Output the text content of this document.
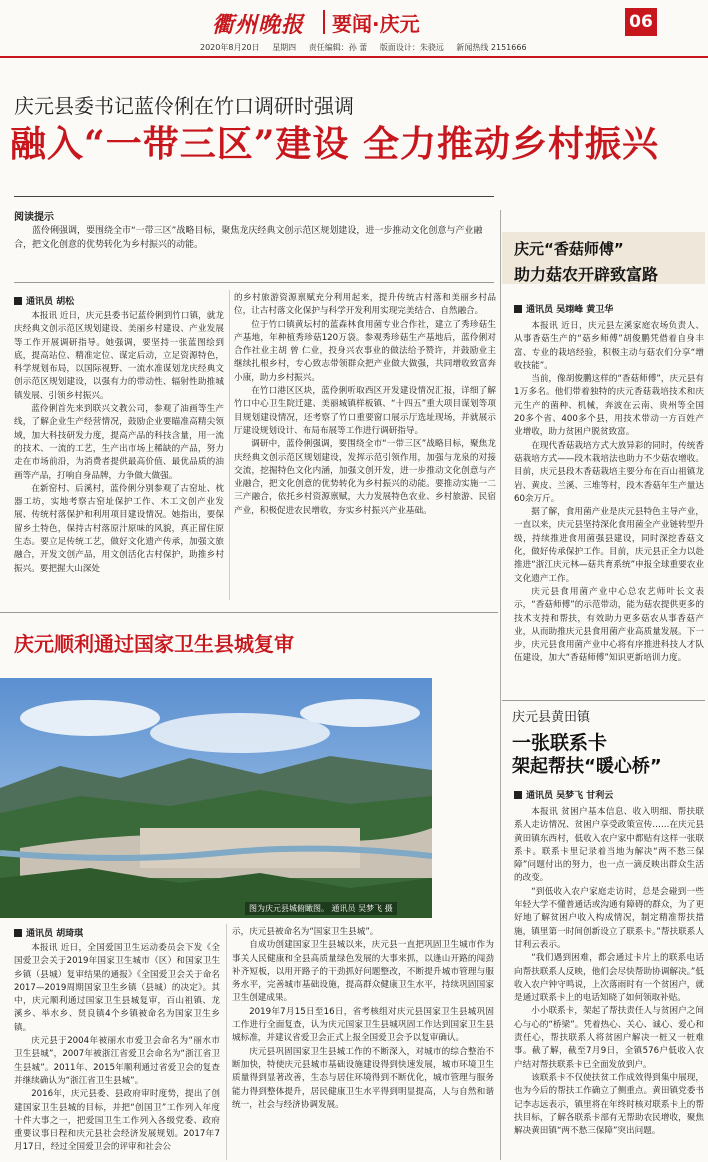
衢州晚报 要闻·庆元	06
2020年8月20日 星期四 责任编辑：孙 蕾 版面设计：朱骁远 新闻热线 2151666
庆元县委书记蓝伶俐在竹口调研时强调
融入“一带三区”建设 全力推动乡村振兴
阅读提示
蓝伶俐强调，要围绕全市“一带三区”战略目标，聚焦龙庆经典文创示范区规划建设，进一步推动文化创意与产业融合，把文化创意的优势转化为乡村振兴的动能。
通讯员 胡松

本报讯 近日，庆元县委书记蓝伶俐到竹口镇，就龙庆经典文创示范区规划建设、美丽乡村建设、产业发展等工作开展调研指导。她强调，要坚持一张蓝图绘到底，提高站位、精准定位、谋定后动，立足资源特色，科学规划布局，以国际视野、一流水准谋划龙庆经典文创示范区规划建设，以强有力的带动性、辐射性助推城镇发展、引领乡村振兴。

蓝伶俐首先来到联兴文教公司，参观了油画等生产线，了解企业生产经营情况，鼓励企业要瞄准高精尖领域，加大科技研发力度，提高产品的科技含量，用一流的技术、一流的工艺，生产出市场上稀缺的产品，努力走在市场前沿，为消费者提供最高价值、最优品质的油画等产品，打响自身品牌，力争做大做强。

在新窑村、后溪村，蓝伶俐分别参观了古窑址、枕器工坊，实地考察古窑址保护工作、木工文创产业发展、传统村落保护和利用项目建设情况。她指出，要保留乡土特色，保持古村落原汁原味的风貌，真正留住原生态。要立足传统工艺，做好文化遗产传承，加强文旅融合，开发文创产品，用文创活化古村保护，助推乡村振兴。要把握大山深处

的乡村旅游资源禀赋充分利用起来，提升传统古村落和美丽乡村品位，让古村落文化保护与科学开发利用实现完美结合、自然融合。

位于竹口镇黄坛村的蓝森林食用菌专业合作社，建立了秀珍菇生产基地，年种植秀珍菇120万袋。参观秀珍菇生产基地后，蓝伶俐对合作社业主胡 曾 仁业，投身兴农事业的做法给予赞许，并鼓励业主继续扎根乡村，专心致志带领群众把产业做大做强，共同增收致富奔小康，助力乡村振兴。

在竹口港区区块，蓝伶俐听取西区开发建设情况汇报，详细了解竹口中心卫生院迁建、美丽城镇样板镇、“十四五”重大项目谋划等项目规划建设情况，还考察了竹口重要窗口展示厅选址现场，并就展示厅建设规划设计、布局布展等工作进行调研指导。

调研中，蓝伶俐强调，要围绕全市“一带三区”战略目标，聚焦龙庆经典文创示范区规划建设，发挥示范引领作用，加强与龙泉的对接交流，挖掘特色文化内涵，加强文创开发，进一步推动文化创意与产业融合，把文化创意的优势转化为乡村振兴的动能。要推动实施一二三产融合，依托乡村资源禀赋，大力发展特色农业、乡村旅游、民宿产业，积极促进农民增收，夯实乡村振兴产业基础。

庆元“香菇师傅”
助力菇农开辟致富路
通讯员 吴翊峰 黄卫华

本报讯 近日，庆元县左溪家庭农场负责人、从事香菇生产的“菇乡师傅”胡俊鹏凭借着自身丰富、专业的栽培经验，积极主动与菇农们分享“增收技能”。

当前，像胡俊鹏这样的“香菇师傅”，庆元县有1万多名。他们带着独特的庆元香菇栽培技术和庆元生产的菌种、机械，奔波在云南、贵州等全国20多个省、400多个县，用技术带动一方百姓产业增收，助力贫困户脱贫致富。

在现代香菇栽培方式大放异彩的同时，传统香菇栽培方式——段木栽培法也助力不少菇农增收。目前，庆元县段木香菇栽培主要分布在百山祖镇龙岩、黄皮、兰溪、三堆等村，段木香菇年生产量达60余万斤。

据了解，食用菌产业是庆元县特色主导产业，一直以来，庆元县坚持深化食用菌全产业链转型升级，持续推进食用菌强县建设，同时深挖香菇文化，做好传承保护工作。目前，庆元县正全力以赴推进“浙江庆元林—菇共育系统”申报全球重要农业文化遗产工作。

庆元县食用菌产业中心总农艺师叶长文表示，“香菇师傅”的示范带动，能为菇农提供更多的技术支持和帮扶，有效助力更多菇农从事香菇产业，从而助推庆元县食用菌产业高质量发展。下一步，庆元县食用菌产业中心将有序推进科技人才队伍建设，加大“香菇师傅”知识更新培训力度。

庆元顺利通过国家卫生县城复审
图为庆元县城俯瞰图。 通讯员 吴梦飞 摄
通讯员 胡琦琪

本报讯 近日，全国爱国卫生运动委员会下发《全国爱卫会关于2019年国家卫生城市（区）和国家卫生乡镇（县城）复审结果的通报》《全国爱卫会关于命名2017—2019周期国家卫生乡镇（县城）的决定》。其中，庆元顺利通过国家卫生县城复审，百山祖镇、龙溪乡、举水乡、贤良镇4个乡镇被命名为国家卫生乡镇。

庆元县于2004年被丽水市爱卫会命名为“丽水市卫生县城”，2007年被浙江省爱卫会命名为“浙江省卫生县城”。2011年、2015年顺利通过省爱卫会的复查并继续确认为“浙江省卫生县城”。

2016年，庆元县委、县政府审时度势，提出了创建国家卫生县城的目标，并把“创国卫”工作列入年度十件大事之一，把爱国卫生工作列入各级党委、政府重要议事日程和庆元县社会经济发展规划。2017年7月17日，经过全国爱卫会的评审和社会公

示，庆元县被命名为“国家卫生县城”。

自成功创建国家卫生县城以来，庆元县一直把巩固卫生城市作为事关人民健康和全县高质量绿色发展的大事来抓，以逢山开路的闯劲补齐短板，以用开路子的干劲抓好问题整改，不断提升城市管理与服务水平，完善城市基础设施，提高群众健康卫生水平，持续巩固国家卫生创建成果。

2019年7月15日至16日，省考核组对庆元县国家卫生县城巩固工作进行全面复查，认为庆元国家卫生县城巩固工作达到国家卫生县城标准，并建议省爱卫会正式上报全国爱卫会予以复审确认。

庆元县巩固国家卫生县城工作的不断深入，对城市的综合整治不断加快，特使庆元县城市基础设施建设得到快速发展，城市环境卫生质量得到显著改善，生态与居住环境得到不断优化，城市管理与服务能力得到整体提升，居民健康卫生水平得到明显提高，人与自然和谐统一，社会与经济协调发展。

庆元县黄田镇
一张联系卡
架起帮扶“暖心桥”
通讯员 吴梦飞 甘利云

本报讯 贫困户基本信息、收入明细、帮扶联系人走访情况、贫困户享受政策宣传……在庆元县黄田镇东西村，低收入农户家中都贴有这样一张联系卡。联系卡里记录着当地为解决“两不愁三保障”问题付出的努力，也一点一滴反映出群众生活的改变。

“到低收入农户家庭走访时，总是会碰到一些年轻大学不懂普通话或沟通有障碍的群众，为了更好地了解贫困户收入构成情况，制定精准帮扶措施，镇里第一时间创新设立了联系卡。”帮扶联系人甘利云表示。

“我们遇到困难，都会通过卡片上的联系电话向帮扶联系人反映，他们会尽快帮助协调解决。”低收入农户钟守鸣说，上次落雨时有一个贫困户，就是通过联系卡上的电话知晓了如何领取补贴。

小小联系卡，架起了帮扶责任人与贫困户之间心与心的“桥梁”。凭着热心、关心、诚心、爱心和责任心，帮扶联系人将贫困户解决一桩又一桩难事。截了解，截至7月9日，全镇576户低收入农户结对帮扶联系卡已全面发放到户。

该联系卡不仅使扶贫工作成效得到集中展现，也为今后的帮扶工作确立了侧重点。黄田镇党委书记李志远表示，镇里将在年终时核对联系卡上的帮扶目标，了解各联系卡部有无帮助农民增收，聚焦解决黄田镇“两不愁三保障”突出问题。
